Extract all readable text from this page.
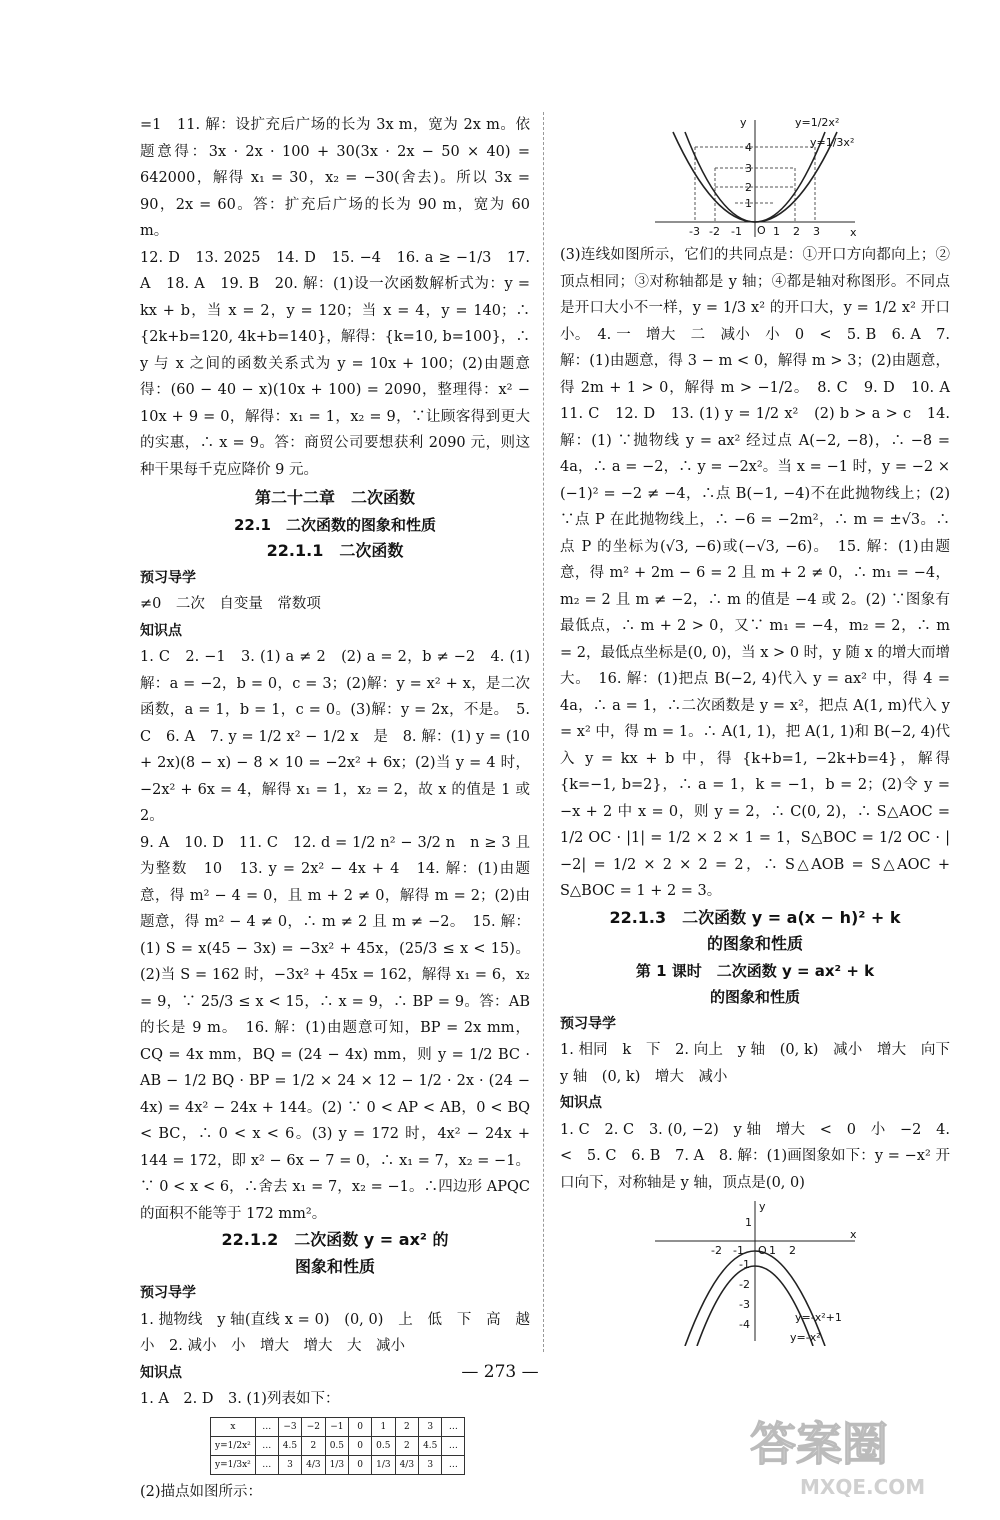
=1　11. 解：设扩充后广场的长为 3x m，宽为 2x m。依题意得：3x · 2x · 100 + 30(3x · 2x − 50 × 40) = 642000，解得 x₁ = 30，x₂ = −30(舍去)。所以 3x = 90，2x = 60。答：扩充后广场的长为 90 m，宽为 60 m。

12. D　13. 2025　14. D　15. −4　16. a ≥ −1/3　17. A　18. A　19. B　20. 解：(1)设一次函数解析式为：y = kx + b，当 x = 2，y = 120；当 x = 4，y = 140；∴ {2k+b=120, 4k+b=140}，解得：{k=10, b=100}，∴ y 与 x 之间的函数关系式为 y = 10x + 100；(2)由题意得：(60 − 40 − x)(10x + 100) = 2090，整理得：x² − 10x + 9 = 0，解得：x₁ = 1，x₂ = 9，∵让顾客得到更大的实惠，∴ x = 9。答：商贸公司要想获利 2090 元，则这种干果每千克应降价 9 元。

第二十二章　二次函数

22.1　二次函数的图象和性质

22.1.1　二次函数

预习导学

≠0　二次　自变量　常数项

知识点

1. C　2. −1　3. (1) a ≠ 2　(2) a = 2，b ≠ −2　4. (1)解：a = −2，b = 0，c = 3；(2)解：y = x² + x，是二次函数，a = 1，b = 1，c = 0。(3)解：y = 2x，不是。　5. C　6. A　7. y = 1/2 x² − 1/2 x　是　8. 解：(1) y = (10 + 2x)(8 − x) − 8 × 10 = −2x² + 6x；(2)当 y = 4 时，−2x² + 6x = 4，解得 x₁ = 1，x₂ = 2，故 x 的值是 1 或 2。

9. A　10. D　11. C　12. d = 1/2 n² − 3/2 n　n ≥ 3 且为整数　10　13. y = 2x² − 4x + 4　14. 解：(1)由题意，得 m² − 4 = 0，且 m + 2 ≠ 0，解得 m = 2；(2)由题意，得 m² − 4 ≠ 0，∴ m ≠ 2 且 m ≠ −2。　15. 解：(1) S = x(45 − 3x) = −3x² + 45x，(25/3 ≤ x < 15)。(2)当 S = 162 时，−3x² + 45x = 162，解得 x₁ = 6，x₂ = 9，∵ 25/3 ≤ x < 15，∴ x = 9，∴ BP = 9。答：AB 的长是 9 m。　16. 解：(1)由题意可知，BP = 2x mm，CQ = 4x mm，BQ = (24 − 4x) mm，则 y = 1/2 BC · AB − 1/2 BQ · BP = 1/2 × 24 × 12 − 1/2 · 2x · (24 − 4x) = 4x² − 24x + 144。(2) ∵ 0 < AP < AB，0 < BQ < BC，∴ 0 < x < 6。(3) y = 172 时，4x² − 24x + 144 = 172，即 x² − 6x − 7 = 0，∴ x₁ = 7，x₂ = −1。∵ 0 < x < 6，∴舍去 x₁ = 7，x₂ = −1。∴四边形 APQC 的面积不能等于 172 mm²。

22.1.2　二次函数 y = ax² 的

图象和性质

预习导学

1. 抛物线　y 轴(直线 x = 0)　(0, 0)　上　低　下　高　越小　2. 减小　小　增大　增大　大　减小

知识点

1. A　2. D　3. (1)列表如下：

x	…	−3	−2	−1	0	1	2	3	…
y=1/2x²	…	4.5	2	0.5	0	0.5	2	4.5	…
y=1/3x²	…	3	4/3	1/3	0	1/3	4/3	3	…

(2)描点如图所示：

y=1/2x²
y=1/3x²
x
y
O
-3 -2 -1	1 2 3
1
2
3
4

(3)连线如图所示，它们的共同点是：①开口方向都向上；②顶点相同；③对称轴都是 y 轴；④都是轴对称图形。不同点是开口大小不一样，y = 1/3 x² 的开口大，y = 1/2 x² 开口小。　4. 一　增大　二　减小　小　0　<　5. B　6. A　7. 解：(1)由题意，得 3 − m < 0，解得 m > 3；(2)由题意，得 2m + 1 > 0，解得 m > −1/2。　8. C　9. D　10. A　11. C　12. D　13. (1) y = 1/2 x²　(2) b > a > c　14. 解：(1) ∵抛物线 y = ax² 经过点 A(−2, −8)，∴ −8 = 4a，∴ a = −2，∴ y = −2x²。当 x = −1 时，y = −2 × (−1)² = −2 ≠ −4，∴点 B(−1, −4)不在此抛物线上；(2) ∵点 P 在此抛物线上，∴ −6 = −2m²，∴ m = ±√3。∴点 P 的坐标为(√3, −6)或(−√3, −6)。　15. 解：(1)由题意，得 m² + 2m − 6 = 2 且 m + 2 ≠ 0，∴ m₁ = −4，m₂ = 2 且 m ≠ −2，∴ m 的值是 −4 或 2。(2) ∵图象有最低点，∴ m + 2 > 0，又∵ m₁ = −4，m₂ = 2，∴ m = 2，最低点坐标是(0, 0)，当 x > 0 时，y 随 x 的增大而增大。　16. 解：(1)把点 B(−2, 4)代入 y = ax² 中，得 4 = 4a，∴ a = 1，∴二次函数是 y = x²，把点 A(1, m)代入 y = x² 中，得 m = 1。∴ A(1, 1)，把 A(1, 1)和 B(−2, 4)代入 y = kx + b 中，得 {k+b=1, −2k+b=4}，解得 {k=−1, b=2}，∴ a = 1，k = −1，b = 2；(2)令 y = −x + 2 中 x = 0，则 y = 2，∴ C(0, 2)，∴ S△AOC = 1/2 OC · |1| = 1/2 × 2 × 1 = 1，S△BOC = 1/2 OC · |−2| = 1/2 × 2 × 2 = 2，∴ S△AOB = S△AOC + S△BOC = 1 + 2 = 3。

22.1.3　二次函数 y = a(x − h)² + k

的图象和性质

第 1 课时　二次函数 y = ax² + k

的图象和性质

预习导学

1. 相同　k　下　2. 向上　y 轴　(0, k)　减小　增大　向下　y 轴　(0, k)　增大　减小

知识点

1. C　2. C　3. (0, −2)　y 轴　增大　<　0　小　−2　4. <　5. C　6. B　7. A　8. 解：(1)画图象如下：y = −x² 开口向下，对称轴是 y 轴，顶点是(0, 0)

x
y
O
1
-2 -1 1 2
-1
-2
-3
-4
y=-x²+1
y=-x²
— 273 —
答案圈
MXQE.COM
